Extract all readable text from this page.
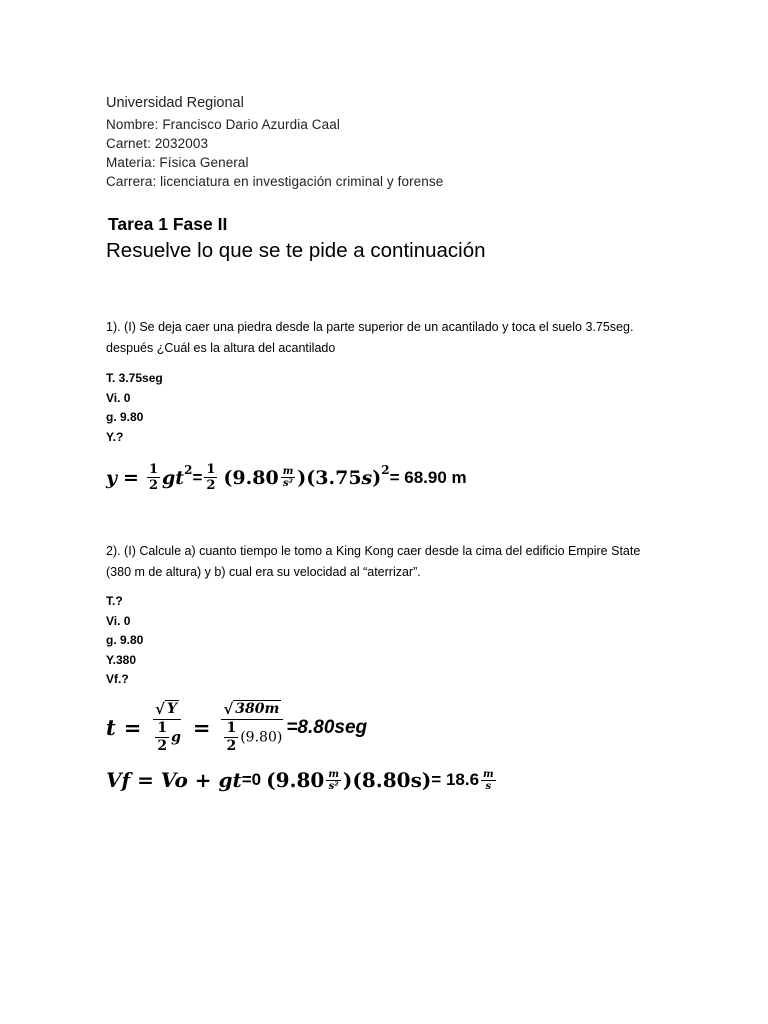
Universidad Regional
Nombre: Francisco Dario Azurdia Caal
Carnet: 2032003
Materia: Física General
Carrera: licenciatura en investigación criminal y forense
Tarea 1 Fase II
Resuelve lo que se te pide a continuación
1). (I) Se deja caer una piedra desde la parte superior de un acantilado y toca el suelo 3.75seg. después ¿Cuál es la altura del acantilado
T. 3.75seg
Vi. 0
g. 9.80
Y.?
$y = \frac{1}{2}$ gt $2 = \frac{1}{2} (9.80 \frac{m}{\text{s²}}$ ) (3.75 s ) 2 = 68.90 m
2). (I) Calcule a) cuanto tiempo le tomo a King Kong caer desde la cima del edificio Empire State (380 m de altura) y b) cual era su velocidad al “aterrizar”.
T.?
Vi. 0
g. 9.80
Y.380
Vf.?
$t = \frac{√ Y}{\frac{1}{2} g} = \frac{√ 380m}{\frac{1}{2} (9.80)} =8.80seg$
Vf = Vo + gt =0 ($9.80 \frac{m}{\text{s²}}$ ) $(8.80s) = 18.6 \frac{m}{s}$
